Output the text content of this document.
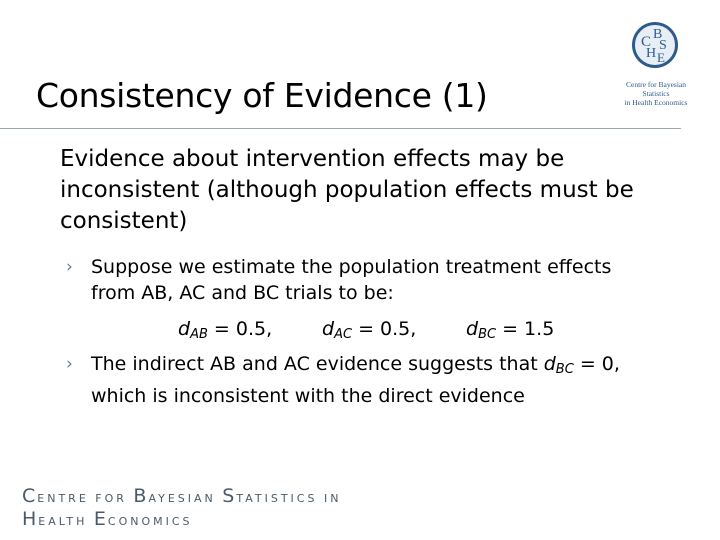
C B
H
S
E
Centre for Bayesian Statistics
in Health Economics
Consistency of Evidence (1)
Evidence about intervention effects may be inconsistent (although population effects must be consistent)
› Suppose we estimate the population treatment effects from AB, AC and BC trials to be:
$d_{AB} = 0.5$,	$d_{AC} = 0.5$,	$d_{BC} = 1.5$
› The indirect AB and AC evidence suggests that $d_{BC} = 0$, which is inconsistent with the direct evidence
CENTRE FOR BAYESIAN STATISTICS IN
HEALTH ECONOMICS
